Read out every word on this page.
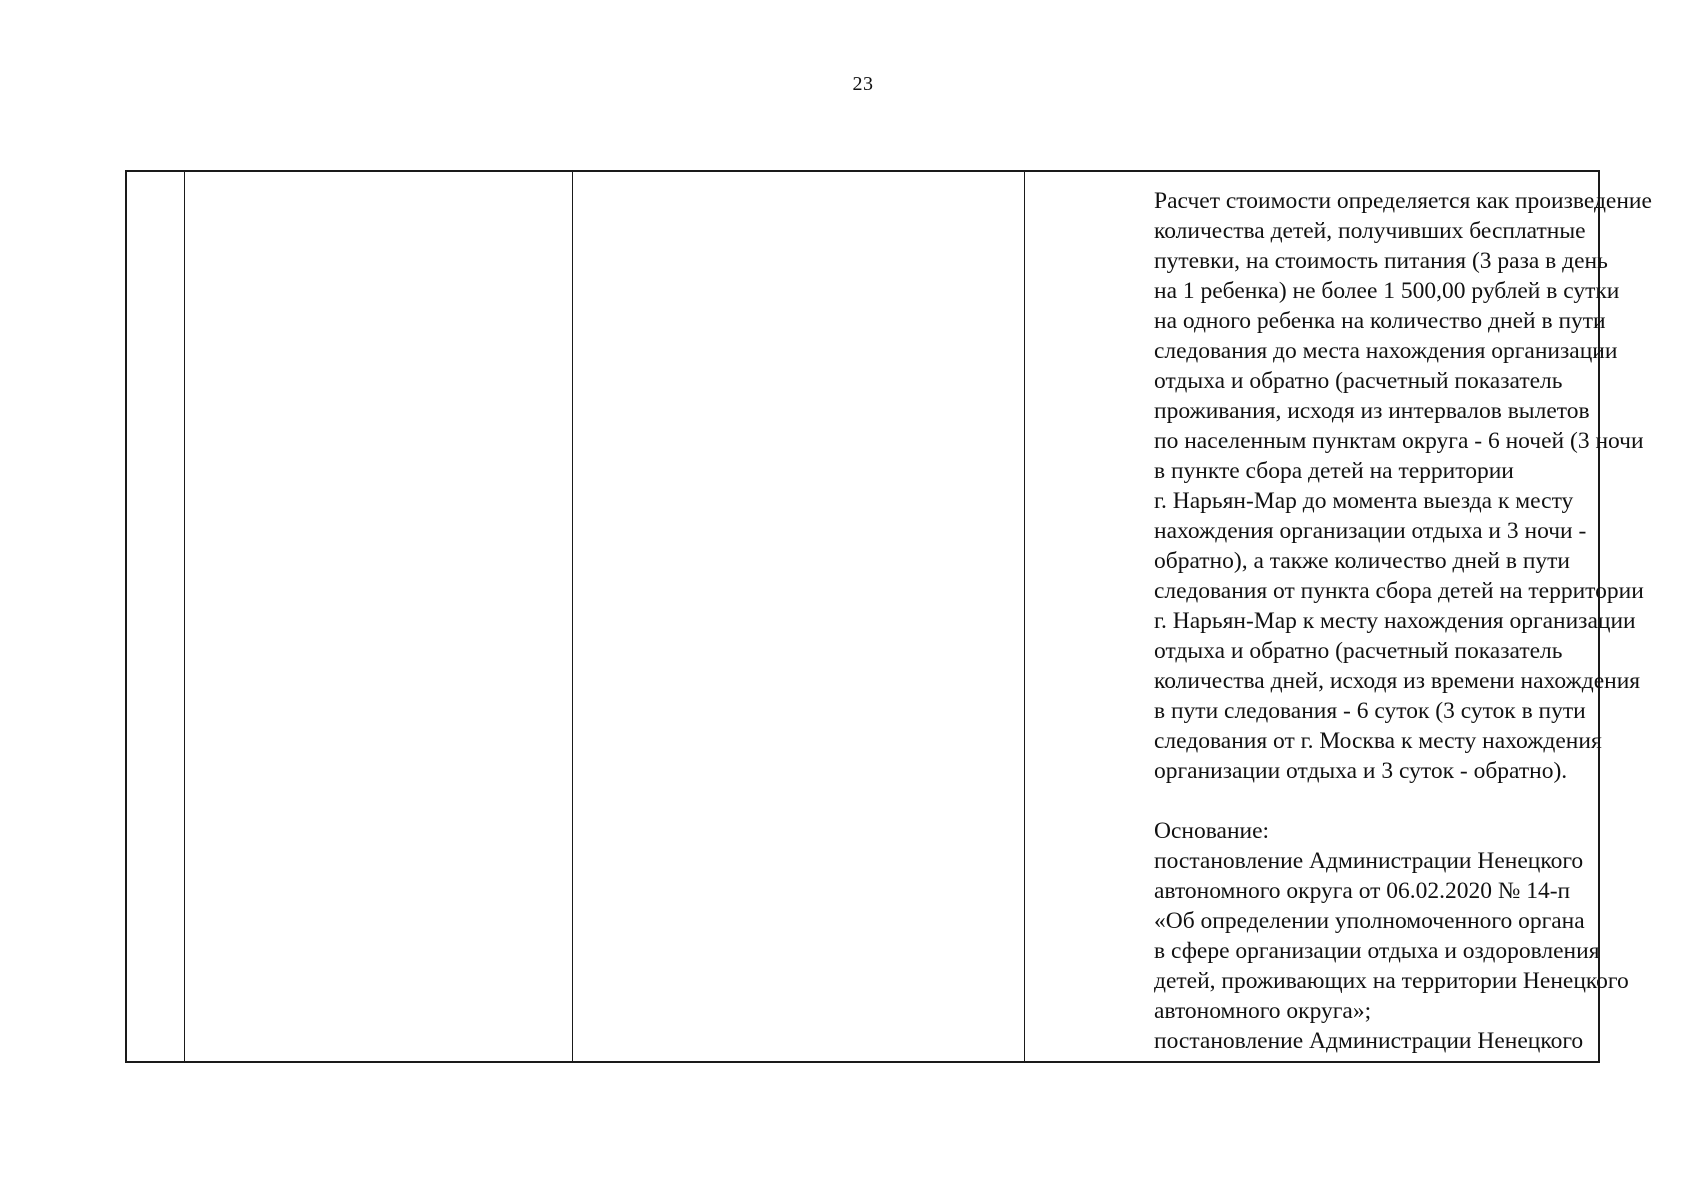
23
Расчет стоимости определяется как произведение
количества детей, получивших бесплатные
путевки, на стоимость питания (3 раза в день
на 1 ребенка) не более 1 500,00 рублей в сутки
на одного ребенка на количество дней в пути
следования до места нахождения организации
отдыха и обратно (расчетный показатель
проживания, исходя из интервалов вылетов
по населенным пунктам округа - 6 ночей (3 ночи
в пункте сбора детей на территории
г. Нарьян-Мар до момента выезда к месту
нахождения организации отдыха и 3 ночи -
обратно), а также количество дней в пути
следования от пункта сбора детей на территории
г. Нарьян-Мар к месту нахождения организации
отдыха и обратно (расчетный показатель
количества дней, исходя из времени нахождения
в пути следования - 6 суток (3 суток в пути
следования от г. Москва к месту нахождения
организации отдыха и 3 суток - обратно).
Основание:
постановление Администрации Ненецкого
автономного округа от 06.02.2020 № 14-п
«Об определении уполномоченного органа
в сфере организации отдыха и оздоровления
детей, проживающих на территории Ненецкого
автономного округа»;
постановление Администрации Ненецкого
